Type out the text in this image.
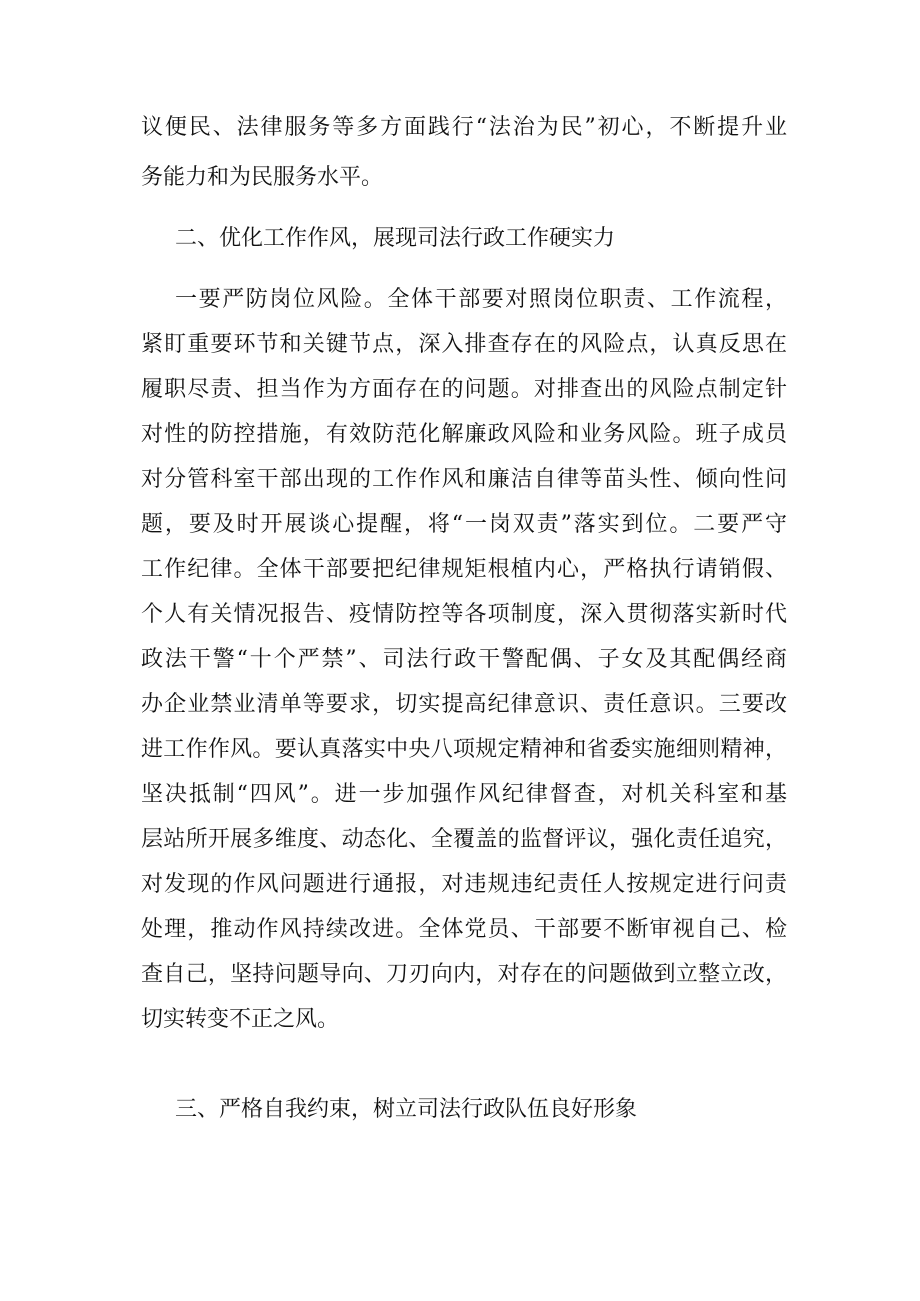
议便民、法律服务等多方面践行“法治为民”初心，不断提升业
务能力和为民服务水平。
二、优化工作作风，展现司法行政工作硬实力
一要严防岗位风险。全体干部要对照岗位职责、工作流程，
紧盯重要环节和关键节点，深入排查存在的风险点，认真反思在
履职尽责、担当作为方面存在的问题。对排查出的风险点制定针
对性的防控措施，有效防范化解廉政风险和业务风险。班子成员
对分管科室干部出现的工作作风和廉洁自律等苗头性、倾向性问
题，要及时开展谈心提醒，将“一岗双责”落实到位。二要严守
工作纪律。全体干部要把纪律规矩根植内心，严格执行请销假、
个人有关情况报告、疫情防控等各项制度，深入贯彻落实新时代
政法干警“十个严禁”、司法行政干警配偶、子女及其配偶经商
办企业禁业清单等要求，切实提高纪律意识、责任意识。三要改
进工作作风。要认真落实中央八项规定精神和省委实施细则精神，
坚决抵制“四风”。进一步加强作风纪律督查，对机关科室和基
层站所开展多维度、动态化、全覆盖的监督评议，强化责任追究，
对发现的作风问题进行通报，对违规违纪责任人按规定进行问责
处理，推动作风持续改进。全体党员、干部要不断审视自己、检
查自己，坚持问题导向、刀刃向内，对存在的问题做到立整立改，
切实转变不正之风。
三、严格自我约束，树立司法行政队伍良好形象
